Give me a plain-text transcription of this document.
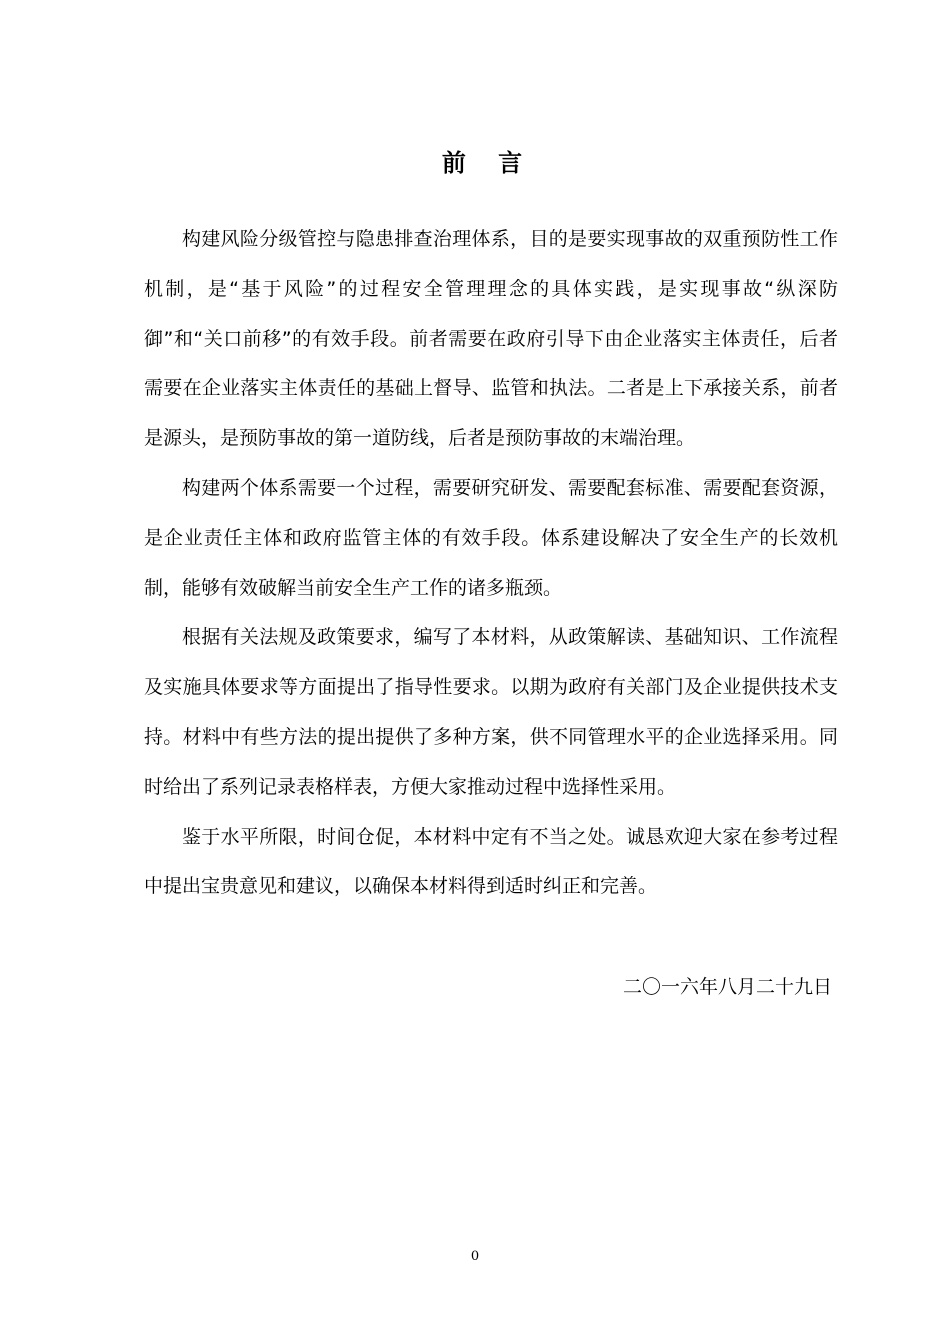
前 言

构建风险分级管控与隐患排查治理体系，目的是要实现事故的双重预防性工作机制，是“基于风险”的过程安全管理理念的具体实践，是实现事故“纵深防御”和“关口前移”的有效手段。前者需要在政府引导下由企业落实主体责任，后者需要在企业落实主体责任的基础上督导、监管和执法。二者是上下承接关系，前者是源头，是预防事故的第一道防线，后者是预防事故的末端治理。

构建两个体系需要一个过程，需要研究研发、需要配套标准、需要配套资源，是企业责任主体和政府监管主体的有效手段。体系建设解决了安全生产的长效机制，能够有效破解当前安全生产工作的诸多瓶颈。

根据有关法规及政策要求，编写了本材料，从政策解读、基础知识、工作流程及实施具体要求等方面提出了指导性要求。以期为政府有关部门及企业提供技术支持。材料中有些方法的提出提供了多种方案，供不同管理水平的企业选择采用。同时给出了系列记录表格样表，方便大家推动过程中选择性采用。

鉴于水平所限，时间仓促，本材料中定有不当之处。诚恳欢迎大家在参考过程中提出宝贵意见和建议，以确保本材料得到适时纠正和完善。

二〇一六年八月二十九日

0
